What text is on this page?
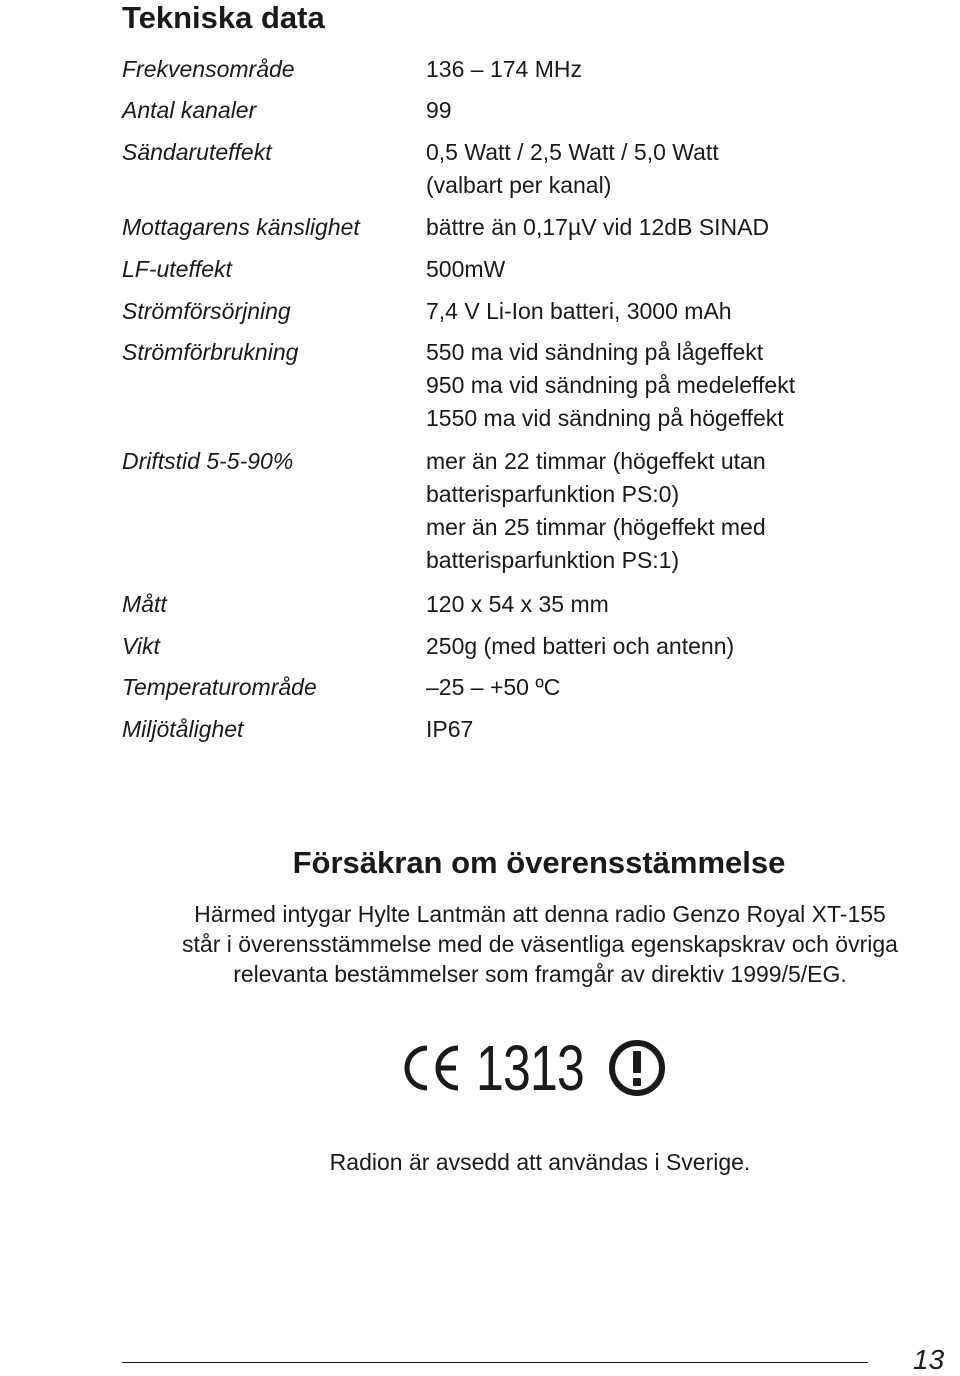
Tekniska data
Frekvensområde	136 – 174 MHz
Antal kanaler	99
Sändaruteffekt	0,5 Watt / 2,5 Watt / 5,0 Watt
(valbart per kanal)
Mottagarens känslighet	bättre än 0,17µV vid 12dB SINAD
LF-uteffekt	500mW
Strömförsörjning	7,4 V Li-Ion batteri, 3000 mAh
Strömförbrukning	550 ma vid sändning på lågeffekt
950 ma vid sändning på medeleffekt
1550 ma vid sändning på högeffekt
Driftstid 5-5-90%	mer än 22 timmar (högeffekt utan
batterisparfunktion PS:0)
mer än 25 timmar (högeffekt med
batterisparfunktion PS:1)
Mått	120 x 54 x 35 mm
Vikt	250g (med batteri och antenn)
Temperaturområde	–25 – +50 ºC
Miljötålighet	IP67
Försäkran om överensstämmelse
Härmed intygar Hylte Lantmän att denna radio Genzo Royal XT-155
står i överensstämmelse med de väsentliga egenskapskrav och övriga
relevanta bestämmelser som framgår av direktiv 1999/5/EG.
1313
Radion är avsedd att användas i Sverige.
13
